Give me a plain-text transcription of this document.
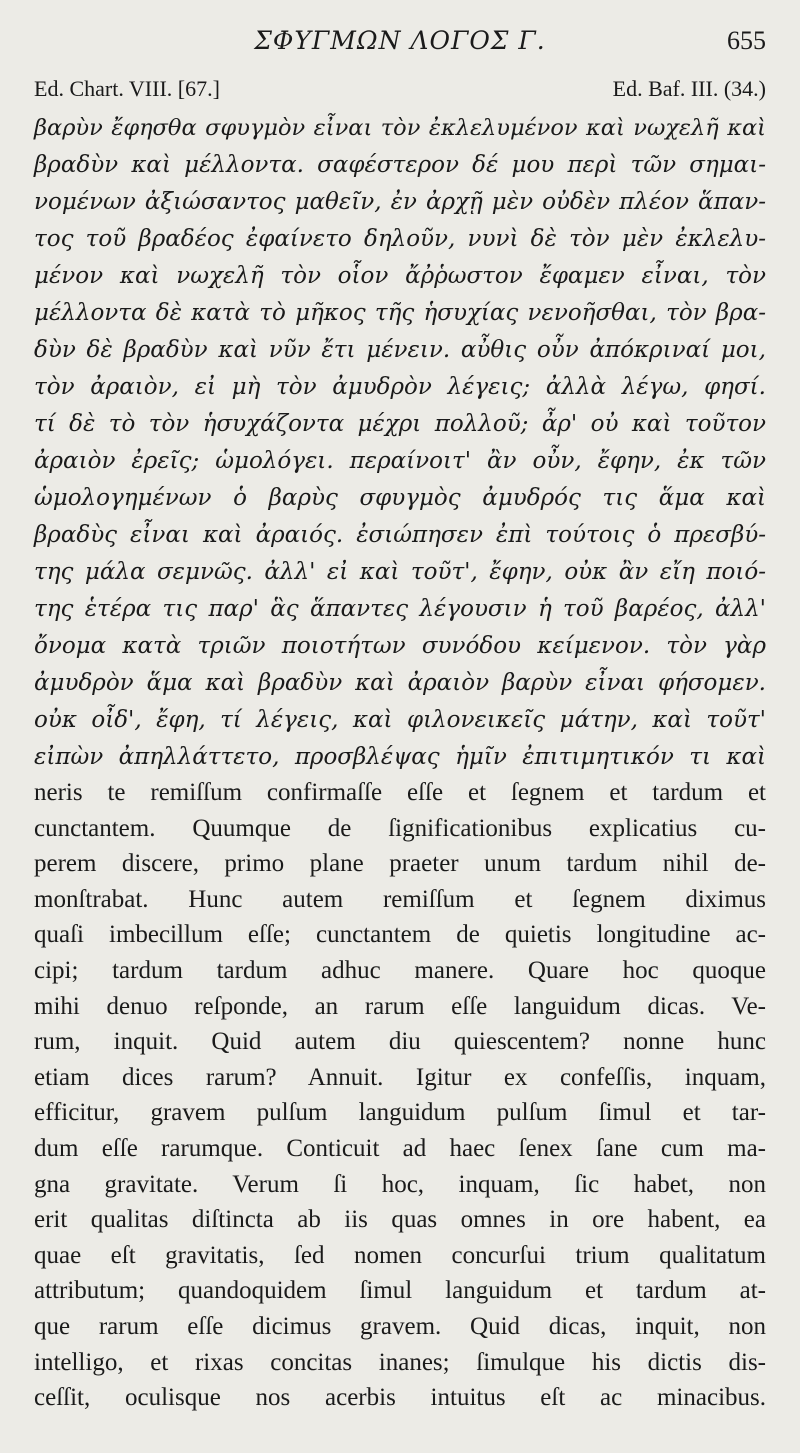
ΣΦΥΓΜΩΝ ΛΟΓΟΣ Γ.	655
Ed. Chart. VIII. [67.]	Ed. Baf. III. (34.)
βαρὺν ἔφησθα σφυγμὸν εἶναι τὸν ἐκλελυμένον καὶ νωχελῆ καὶ
βραδὺν καὶ μέλλοντα. σαφέστερον δέ μου περὶ τῶν σημαι-
νομένων ἀξιώσαντος μαθεῖν, ἐν ἀρχῇ μὲν οὐδὲν πλέον ἅπαν-
τος τοῦ βραδέος ἐφαίνετο δηλοῦν, νυνὶ δὲ τὸν μὲν ἐκλελυ-
μένον καὶ νωχελῆ τὸν οἷον ἄῤῥωστον ἔφαμεν εἶναι, τὸν
μέλλοντα δὲ κατὰ τὸ μῆκος τῆς ἡσυχίας νενοῆσθαι, τὸν βρα-
δὺν δὲ βραδὺν καὶ νῦν ἔτι μένειν. αὖθις οὖν ἀπόκριναί μοι,
τὸν ἀραιὸν, εἰ μὴ τὸν ἀμυδρὸν λέγεις; ἀλλὰ λέγω, φησί.
τί δὲ τὸ τὸν ἡσυχάζοντα μέχρι πολλοῦ; ἆρ' οὐ καὶ τοῦτον
ἀραιὸν ἐρεῖς; ὡμολόγει. περαίνοιτ' ἂν οὖν, ἔφην, ἐκ τῶν
ὡμολογημένων ὁ βαρὺς σφυγμὸς ἀμυδρός τις ἅμα καὶ
βραδὺς εἶναι καὶ ἀραιός. ἐσιώπησεν ἐπὶ τούτοις ὁ πρεσβύ-
της μάλα σεμνῶς. ἀλλ' εἰ καὶ τοῦτ', ἔφην, οὐκ ἂν εἴη ποιό-
της ἑτέρα τις παρ' ἃς ἅπαντες λέγουσιν ἡ τοῦ βαρέος, ἀλλ'
ὄνομα κατὰ τριῶν ποιοτήτων συνόδου κείμενον. τὸν γὰρ
ἀμυδρὸν ἅμα καὶ βραδὺν καὶ ἀραιὸν βαρὺν εἶναι φήσομεν.
οὐκ οἶδ', ἔφη, τί λέγεις, καὶ φιλονεικεῖς μάτην, καὶ τοῦτ'
εἰπὼν ἀπηλλάττετο, προσβλέψας ἡμῖν ἐπιτιμητικόν τι καὶ
neris te remiſſum confirmaſſe eſſe et ſegnem et tardum et
cunctantem. Quumque de ſignificationibus explicatius cu-
perem discere, primo plane praeter unum tardum nihil de-
monſtrabat. Hunc autem remiſſum et ſegnem diximus
quaſi imbecillum eſſe; cunctantem de quietis longitudine ac-
cipi; tardum tardum adhuc manere. Quare hoc quoque
mihi denuo reſponde, an rarum eſſe languidum dicas. Ve-
rum, inquit. Quid autem diu quiescentem? nonne hunc
etiam dices rarum? Annuit. Igitur ex confeſſis, inquam,
efficitur, gravem pulſum languidum pulſum ſimul et tar-
dum eſſe rarumque. Conticuit ad haec ſenex ſane cum ma-
gna gravitate. Verum ſi hoc, inquam, ſic habet, non
erit qualitas diſtincta ab iis quas omnes in ore habent, ea
quae eſt gravitatis, ſed nomen concurſui trium qualitatum
attributum; quandoquidem ſimul languidum et tardum at-
que rarum eſſe dicimus gravem. Quid dicas, inquit, non
intelligo, et rixas concitas inanes; ſimulque his dictis dis-
ceſſit, oculisque nos acerbis intuitus eſt ac minacibus.
